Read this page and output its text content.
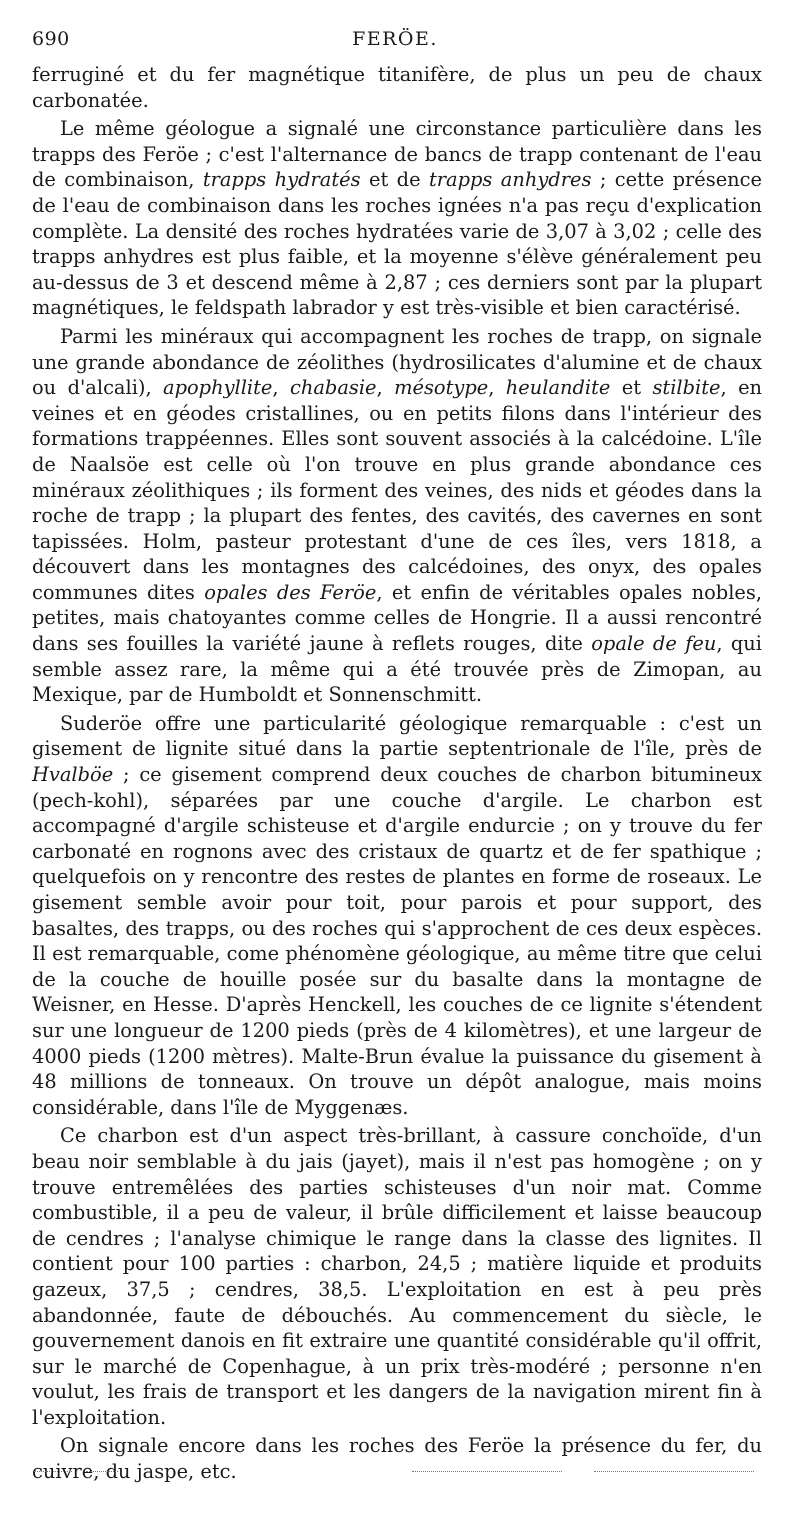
690	FERÖE.

ferruginé et du fer magnétique titanifère, de plus un peu de chaux carbonatée.

Le même géologue a signalé une circonstance particulière dans les trapps des Feröe ; c'est l'alternance de bancs de trapp contenant de l'eau de combinaison, trapps hydratés et de trapps anhydres ; cette présence de l'eau de combinaison dans les roches ignées n'a pas reçu d'explication complète. La densité des roches hydratées varie de 3,07 à 3,02 ; celle des trapps anhydres est plus faible, et la moyenne s'élève généralement peu au-dessus de 3 et descend même à 2,87 ; ces derniers sont par la plupart magnétiques, le feldspath labrador y est très-visible et bien caractérisé.

Parmi les minéraux qui accompagnent les roches de trapp, on signale une grande abondance de zéolithes (hydrosilicates d'alumine et de chaux ou d'alcali), apophyllite, chabasie, mésotype, heulandite et stilbite, en veines et en géodes cristallines, ou en petits filons dans l'intérieur des formations trappéennes. Elles sont souvent associés à la calcédoine. L'île de Naalsöe est celle où l'on trouve en plus grande abondance ces minéraux zéolithiques ; ils forment des veines, des nids et géodes dans la roche de trapp ; la plupart des fentes, des cavités, des cavernes en sont tapissées. Holm, pasteur protestant d'une de ces îles, vers 1818, a découvert dans les montagnes des calcédoines, des onyx, des opales communes dites opales des Feröe, et enfin de véritables opales nobles, petites, mais chatoyantes comme celles de Hongrie. Il a aussi rencontré dans ses fouilles la variété jaune à reflets rouges, dite opale de feu, qui semble assez rare, la même qui a été trouvée près de Zimopan, au Mexique, par de Humboldt et Sonnenschmitt.

Suderöe offre une particularité géologique remarquable : c'est un gisement de lignite situé dans la partie septentrionale de l'île, près de Hvalböe ; ce gisement comprend deux couches de charbon bitumineux (pech-kohl), séparées par une couche d'argile. Le charbon est accompagné d'argile schisteuse et d'argile endurcie ; on y trouve du fer carbonaté en rognons avec des cristaux de quartz et de fer spathique ; quelquefois on y rencontre des restes de plantes en forme de roseaux. Le gisement semble avoir pour toit, pour parois et pour support, des basaltes, des trapps, ou des roches qui s'approchent de ces deux espèces. Il est remarquable, come phénomène géologique, au même titre que celui de la couche de houille posée sur du basalte dans la montagne de Weisner, en Hesse. D'après Henckell, les couches de ce lignite s'étendent sur une longueur de 1200 pieds (près de 4 kilomètres), et une largeur de 4000 pieds (1200 mètres). Malte-Brun évalue la puissance du gisement à 48 millions de tonneaux. On trouve un dépôt analogue, mais moins considérable, dans l'île de Myggenæs.

Ce charbon est d'un aspect très-brillant, à cassure conchoïde, d'un beau noir semblable à du jais (jayet), mais il n'est pas homogène ; on y trouve entremêlées des parties schisteuses d'un noir mat. Comme combustible, il a peu de valeur, il brûle difficilement et laisse beaucoup de cendres ; l'analyse chimique le range dans la classe des lignites. Il contient pour 100 parties : charbon, 24,5 ; matière liquide et produits gazeux, 37,5 ; cendres, 38,5. L'exploitation en est à peu près abandonnée, faute de débouchés. Au commencement du siècle, le gouvernement danois en fit extraire une quantité considérable qu'il offrit, sur le marché de Copenhague, à un prix très-modéré ; personne n'en voulut, les frais de transport et les dangers de la navigation mirent fin à l'exploitation.

On signale encore dans les roches des Feröe la présence du fer, du cuivre, du jaspe, etc.
